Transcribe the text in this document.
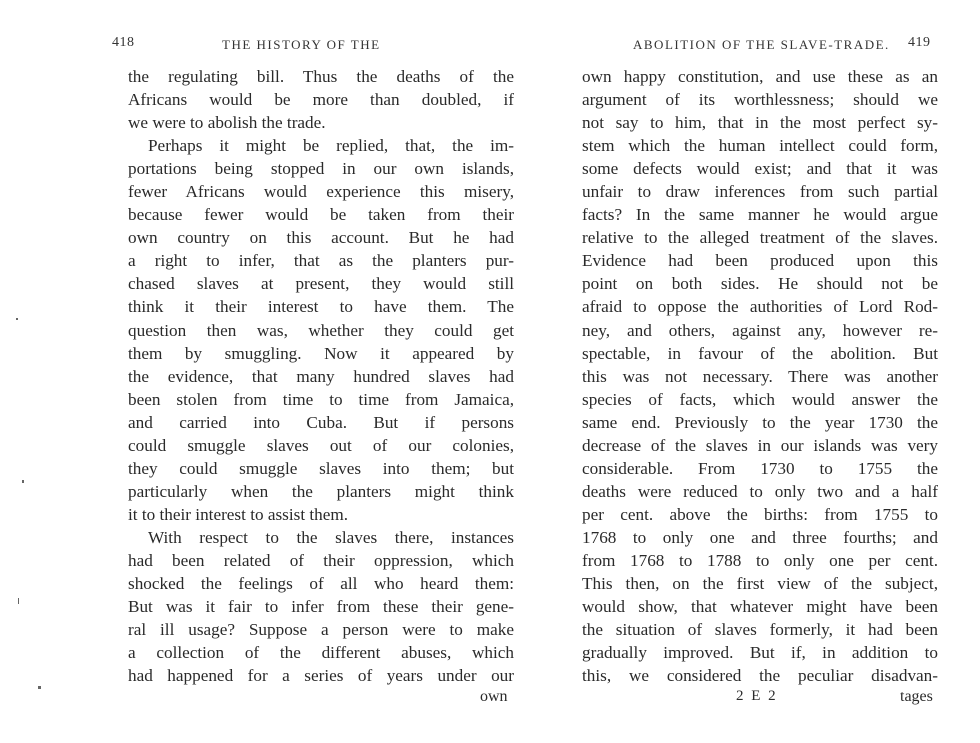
418	THE HISTORY OF THE
the regulating bill. Thus the deaths of the
Africans would be more than doubled, if
we were to abolish the trade.
Perhaps it might be replied, that, the im-
portations being stopped in our own islands,
fewer Africans would experience this misery,
because fewer would be taken from their
own country on this account. But he had
a right to infer, that as the planters pur-
chased slaves at present, they would still
think it their interest to have them. The
question then was, whether they could get
them by smuggling. Now it appeared by
the evidence, that many hundred slaves had
been stolen from time to time from Jamaica,
and carried into Cuba. But if persons
could smuggle slaves out of our colonies,
they could smuggle slaves into them; but
particularly when the planters might think
it to their interest to assist them.
With respect to the slaves there, instances
had been related of their oppression, which
shocked the feelings of all who heard them:
But was it fair to infer from these their gene-
ral ill usage? Suppose a person were to make
a collection of the different abuses, which
had happened for a series of years under our
own
ABOLITION OF THE SLAVE-TRADE. 419
own happy constitution, and use these as an
argument of its worthlessness; should we
not say to him, that in the most perfect sy-
stem which the human intellect could form,
some defects would exist; and that it was
unfair to draw inferences from such partial
facts? In the same manner he would argue
relative to the alleged treatment of the slaves.
Evidence had been produced upon this
point on both sides. He should not be
afraid to oppose the authorities of Lord Rod-
ney, and others, against any, however re-
spectable, in favour of the abolition. But
this was not necessary. There was another
species of facts, which would answer the
same end. Previously to the year 1730 the
decrease of the slaves in our islands was very
considerable. From 1730 to 1755 the
deaths were reduced to only two and a half
per cent. above the births: from 1755 to
1768 to only one and three fourths; and
from 1768 to 1788 to only one per cent.
This then, on the first view of the subject,
would show, that whatever might have been
the situation of slaves formerly, it had been
gradually improved. But if, in addition to
this, we considered the peculiar disadvan-
2 E 2	tages
